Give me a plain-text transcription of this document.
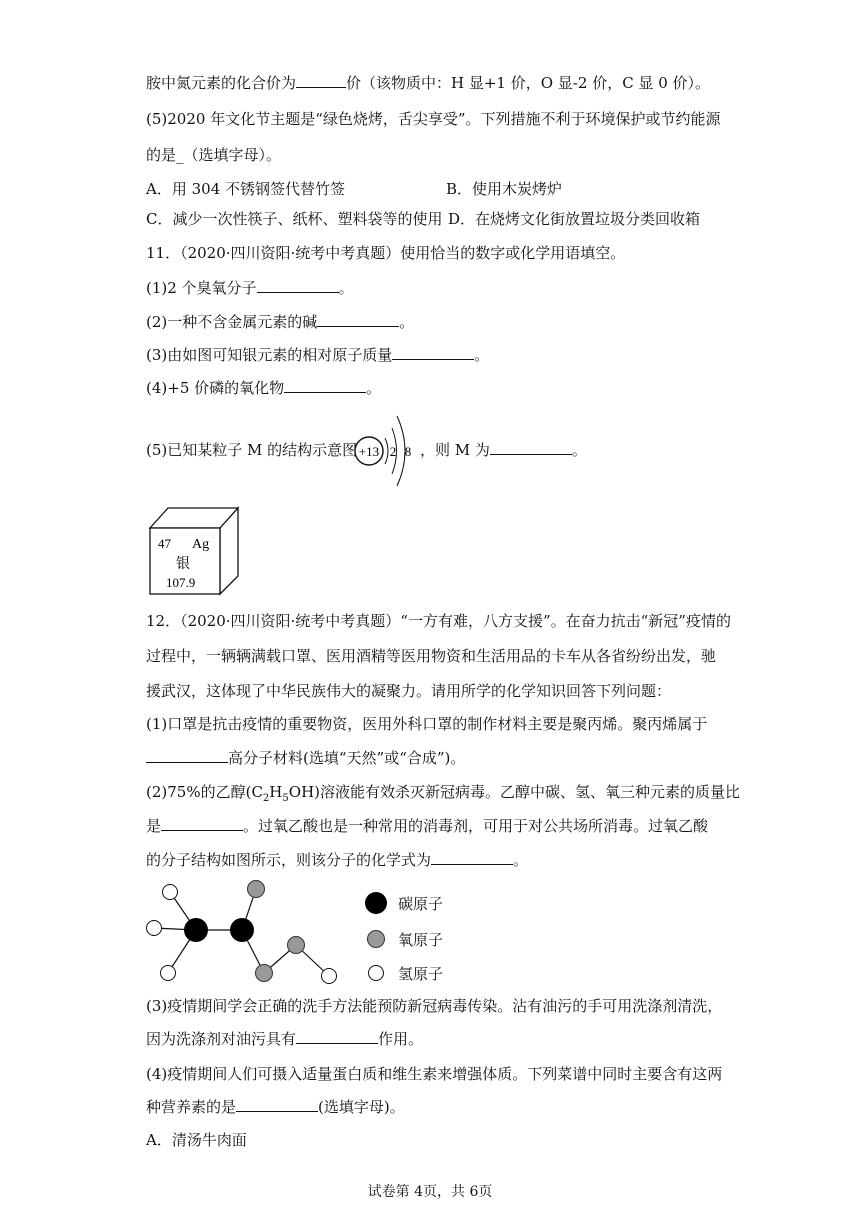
胺中氮元素的化合价为	价（该物质中：H 显+1 价，O 显-2 价，C 显 0 价）。
(5)2020 年文化节主题是“绿色烧烤，舌尖享受”。下列措施不利于环境保护或节约能源
的是_（选填字母）。
A．用 304 不锈钢签代替竹签	B．使用木炭烤炉
C．减少一次性筷子、纸杯、塑料袋等的使用 D．在烧烤文化街放置垃圾分类回收箱
11．（2020·四川资阳·统考中考真题）使用恰当的数字或化学用语填空。
(1)2 个臭氧分子	。
(2)一种不含金属元素的碱	。
(3)由如图可知银元素的相对原子质量	。
(4)+5 价磷的氧化物	。
(5)已知某粒子 M 的结构示意图	，则 M 为	。
+13 2 8
47 Ag
银
107.9
12．（2020·四川资阳·统考中考真题）“一方有难，八方支援”。在奋力抗击“新冠”疫情的
过程中，一辆辆满载口罩、医用酒精等医用物资和生活用品的卡车从各省纷纷出发，驰
援武汉，这体现了中华民族伟大的凝聚力。请用所学的化学知识回答下列问题：
(1)口罩是抗击疫情的重要物资，医用外科口罩的制作材料主要是聚丙烯。聚丙烯属于
高分子材料(选填“天然”或“合成”)。
(2)75%的乙醇$(C_2H_5OH)$溶液能有效杀灭新冠病毒。乙醇中碳、氢、氧三种元素的质量比
是	。过氧乙酸也是一种常用的消毒剂，可用于对公共场所消毒。过氧乙酸
的分子结构如图所示，则该分子的化学式为	。
碳原子
氧原子
氢原子
(3)疫情期间学会正确的洗手方法能预防新冠病毒传染。沾有油污的手可用洗涤剂清洗，
因为洗涤剂对油污具有	作用。
(4)疫情期间人们可摄入适量蛋白质和维生素来增强体质。下列菜谱中同时主要含有这两
种营养素的是	(选填字母)。
A．清汤牛肉面
试卷第 4页，共 6页
